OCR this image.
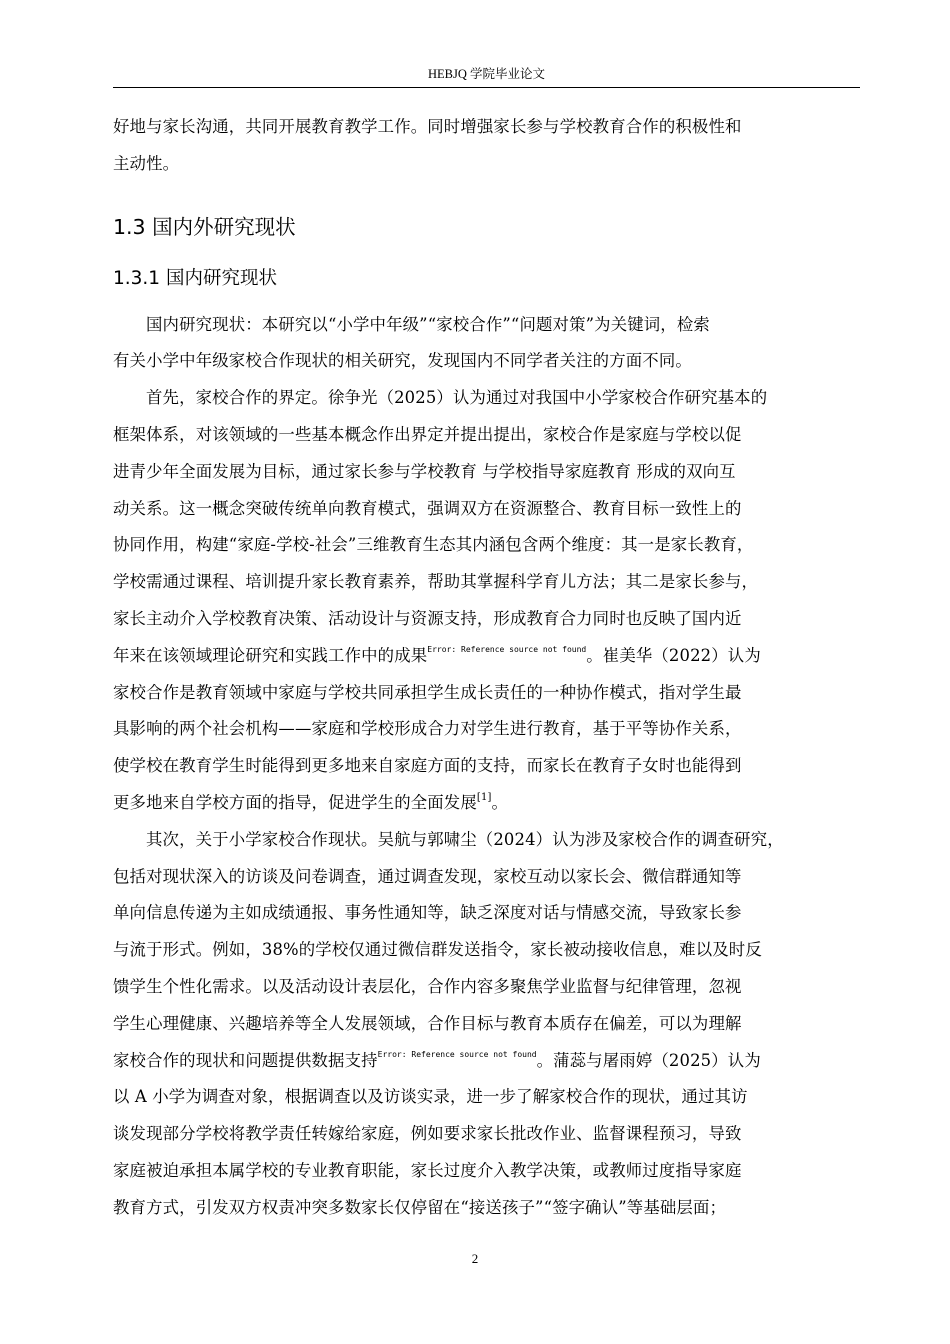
HEBJQ 学院毕业论文

好地与家长沟通，共同开展教育教学工作。同时增强家长参与学校教育合作的积极性和

主动性。

1.3 国内外研究现状
1.3.1 国内研究现状

国内研究现状：本研究以“小学中年级”“家校合作”“问题对策”为关键词，检索

有关小学中年级家校合作现状的相关研究，发现国内不同学者关注的方面不同。

首先，家校合作的界定。徐争光（2025）认为通过对我国中小学家校合作研究基本的

框架体系，对该领域的一些基本概念作出界定并提出提出，家校合作是家庭与学校以促

进青少年全面发展为目标，通过家长参与学校教育 与学校指导家庭教育 形成的双向互

动关系。这一概念突破传统单向教育模式，强调双方在资源整合、教育目标一致性上的

协同作用，构建“家庭-学校-社会”三维教育生态其内涵包含两个维度：其一是家长教育，

学校需通过课程、培训提升家长教育素养，帮助其掌握科学育儿方法；其二是家长参与，

家长主动介入学校教育决策、活动设计与资源支持，形成教育合力同时也反映了国内近

年来在该领域理论研究和实践工作中的成果$^{Error: Reference source not found}$。崔美华（2022）认为

家校合作是教育领域中家庭与学校共同承担学生成长责任的一种协作模式，指对学生最

具影响的两个社会机构——家庭和学校形成合力对学生进行教育，基于平等协作关系，

使学校在教育学生时能得到更多地来自家庭方面的支持，而家长在教育子女时也能得到

更多地来自学校方面的指导，促进学生的全面发展[1]。

其次，关于小学家校合作现状。吴航与郭啸尘（2024）认为涉及家校合作的调查研究，

包括对现状深入的访谈及问卷调查，通过调查发现，家校互动以家长会、微信群通知等

单向信息传递为主如成绩通报、事务性通知等，缺乏深度对话与情感交流，导致家长参

与流于形式。例如，38%的学校仅通过微信群发送指令，家长被动接收信息，难以及时反

馈学生个性化需求。以及活动设计表层化，合作内容多聚焦学业监督与纪律管理，忽视

学生心理健康、兴趣培养等全人发展领域，合作目标与教育本质存在偏差，可以为理解

家校合作的现状和问题提供数据支持$^{Error: Reference source not found}$。蒲蕊与屠雨婷（2025）认为

以 A 小学为调查对象，根据调查以及访谈实录，进一步了解家校合作的现状，通过其访

谈发现部分学校将教学责任转嫁给家庭，例如要求家长批改作业、监督课程预习，导致

家庭被迫承担本属学校的专业教育职能，家长过度介入教学决策，或教师过度指导家庭

教育方式，引发双方权责冲突多数家长仅停留在“接送孩子”“签字确认”等基础层面；

2
